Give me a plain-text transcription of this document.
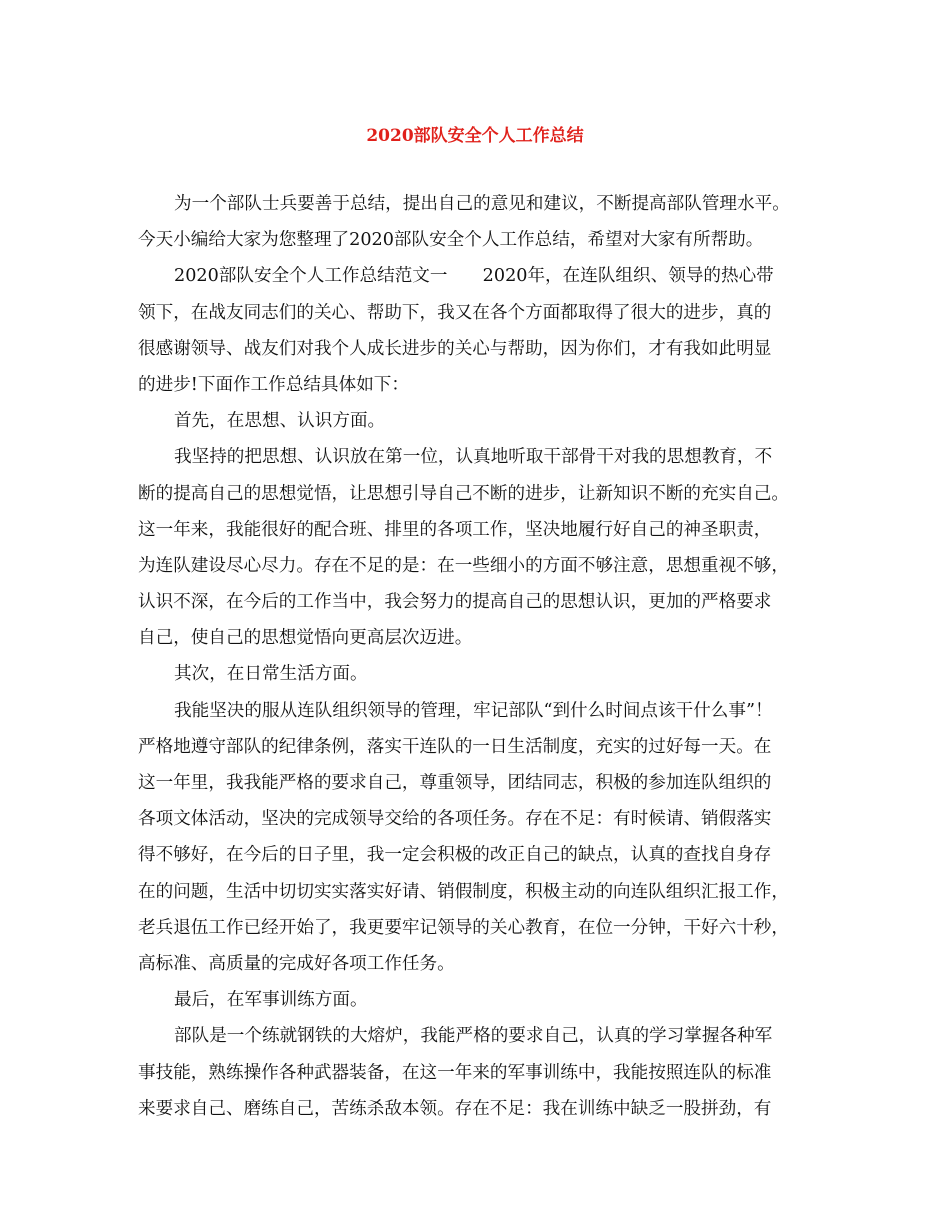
2020部队安全个人工作总结
为一个部队士兵要善于总结，提出自己的意见和建议，不断提高部队管理水平。
今天小编给大家为您整理了2020部队安全个人工作总结，希望对大家有所帮助。
2020部队安全个人工作总结范文一　　2020年，在连队组织、领导的热心带
领下，在战友同志们的关心、帮助下，我又在各个方面都取得了很大的进步，真的
很感谢领导、战友们对我个人成长进步的关心与帮助，因为你们，才有我如此明显
的进步!下面作工作总结具体如下：
首先，在思想、认识方面。
我坚持的把思想、认识放在第一位，认真地听取干部骨干对我的思想教育，不
断的提高自己的思想觉悟，让思想引导自己不断的进步，让新知识不断的充实自己。
这一年来，我能很好的配合班、排里的各项工作，坚决地履行好自己的神圣职责，
为连队建设尽心尽力。存在不足的是：在一些细小的方面不够注意，思想重视不够，
认识不深，在今后的工作当中，我会努力的提高自己的思想认识，更加的严格要求
自己，使自己的思想觉悟向更高层次迈进。
其次，在日常生活方面。
我能坚决的服从连队组织领导的管理，牢记部队“到什么时间点该干什么事”！
严格地遵守部队的纪律条例，落实干连队的一日生活制度，充实的过好每一天。在
这一年里，我我能严格的要求自己，尊重领导，团结同志，积极的参加连队组织的
各项文体活动，坚决的完成领导交给的各项任务。存在不足：有时候请、销假落实
得不够好，在今后的日子里，我一定会积极的改正自己的缺点，认真的查找自身存
在的问题，生活中切切实实落实好请、销假制度，积极主动的向连队组织汇报工作，
老兵退伍工作已经开始了，我更要牢记领导的关心教育，在位一分钟，干好六十秒，
高标准、高质量的完成好各项工作任务。
最后，在军事训练方面。
部队是一个练就钢铁的大熔炉，我能严格的要求自己，认真的学习掌握各种军
事技能，熟练操作各种武器装备，在这一年来的军事训练中，我能按照连队的标准
来要求自己、磨练自己，苦练杀敌本领。存在不足：我在训练中缺乏一股拼劲，有
